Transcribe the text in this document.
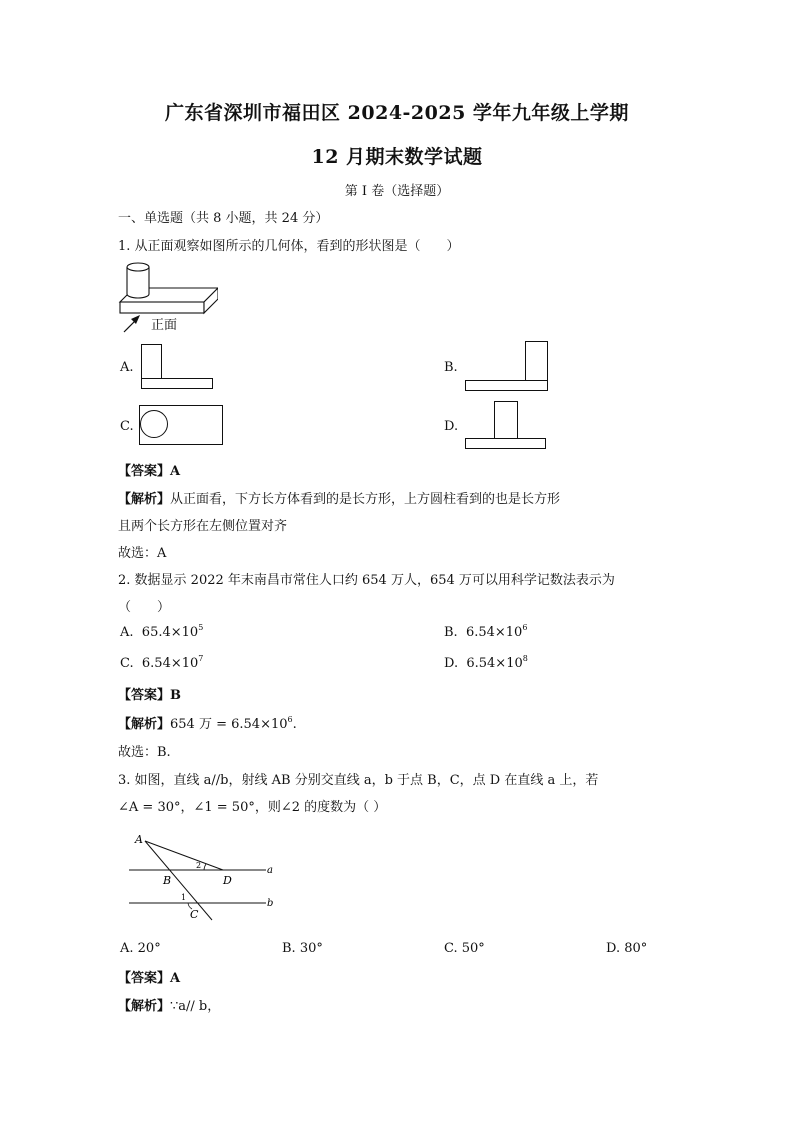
广东省深圳市福田区 2024-2025 学年九年级上学期
12 月期末数学试题
第 I 卷（选择题）
一、单选题（共 8 小题，共 24 分）
1. 从正面观察如图所示的几何体，看到的形状图是（　　）
正面
A.	B.
C.	D.
【答案】A
【解析】从正面看，下方长方体看到的是长方形，上方圆柱看到的也是长方形
且两个长方形在左侧位置对齐
故选：A
2. 数据显示 2022 年末南昌市常住人口约 654 万人，654 万可以用科学记数法表示为
（　　）
A. $65.4\times 10^5$	B. $6.54\times 10^6$
C. $6.54\times 10^7$	D. $6.54\times 10^8$
【答案】B
【解析】654 万 = $6.54\times 10^6$.
故选：B.
3. 如图，直线 a//b，射线 AB 分别交直线 a，b 于点 B，C，点 D 在直线 a 上，若
∠A = 30°，∠1 = 50°，则∠2 的度数为（ ）
A
B
C
D
a
b
1
2
A. 20°	B. 30°	C. 50°	D. 80°
【答案】A
【解析】∵a// b，
